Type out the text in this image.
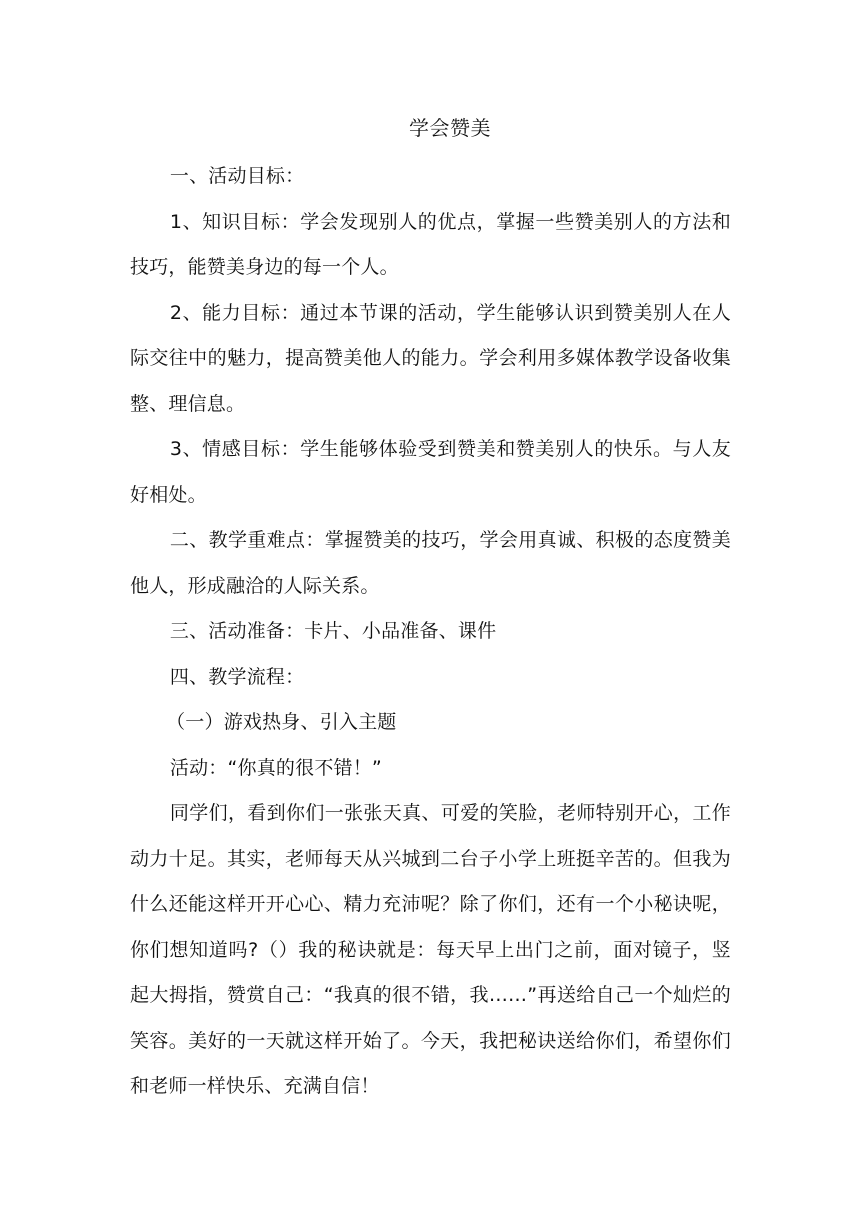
学会赞美

一、活动目标：

1、知识目标：学会发现别人的优点，掌握一些赞美别人的方法和技巧，能赞美身边的每一个人。

2、能力目标：通过本节课的活动，学生能够认识到赞美别人在人际交往中的魅力，提高赞美他人的能力。学会利用多媒体教学设备收集整、理信息。

3、情感目标：学生能够体验受到赞美和赞美别人的快乐。与人友好相处。

二、教学重难点：掌握赞美的技巧，学会用真诚、积极的态度赞美他人，形成融洽的人际关系。

三、活动准备：卡片、小品准备、课件

四、教学流程：

（一）游戏热身、引入主题

活动：“你真的很不错！”

同学们，看到你们一张张天真、可爱的笑脸，老师特别开心，工作动力十足。其实，老师每天从兴城到二台子小学上班挺辛苦的。但我为什么还能这样开开心心、精力充沛呢？除了你们，还有一个小秘诀呢，你们想知道吗?（）我的秘诀就是：每天早上出门之前，面对镜子，竖起大拇指，赞赏自己：“我真的很不错，我……”再送给自己一个灿烂的笑容。美好的一天就这样开始了。今天，我把秘诀送给你们，希望你们和老师一样快乐、充满自信！
